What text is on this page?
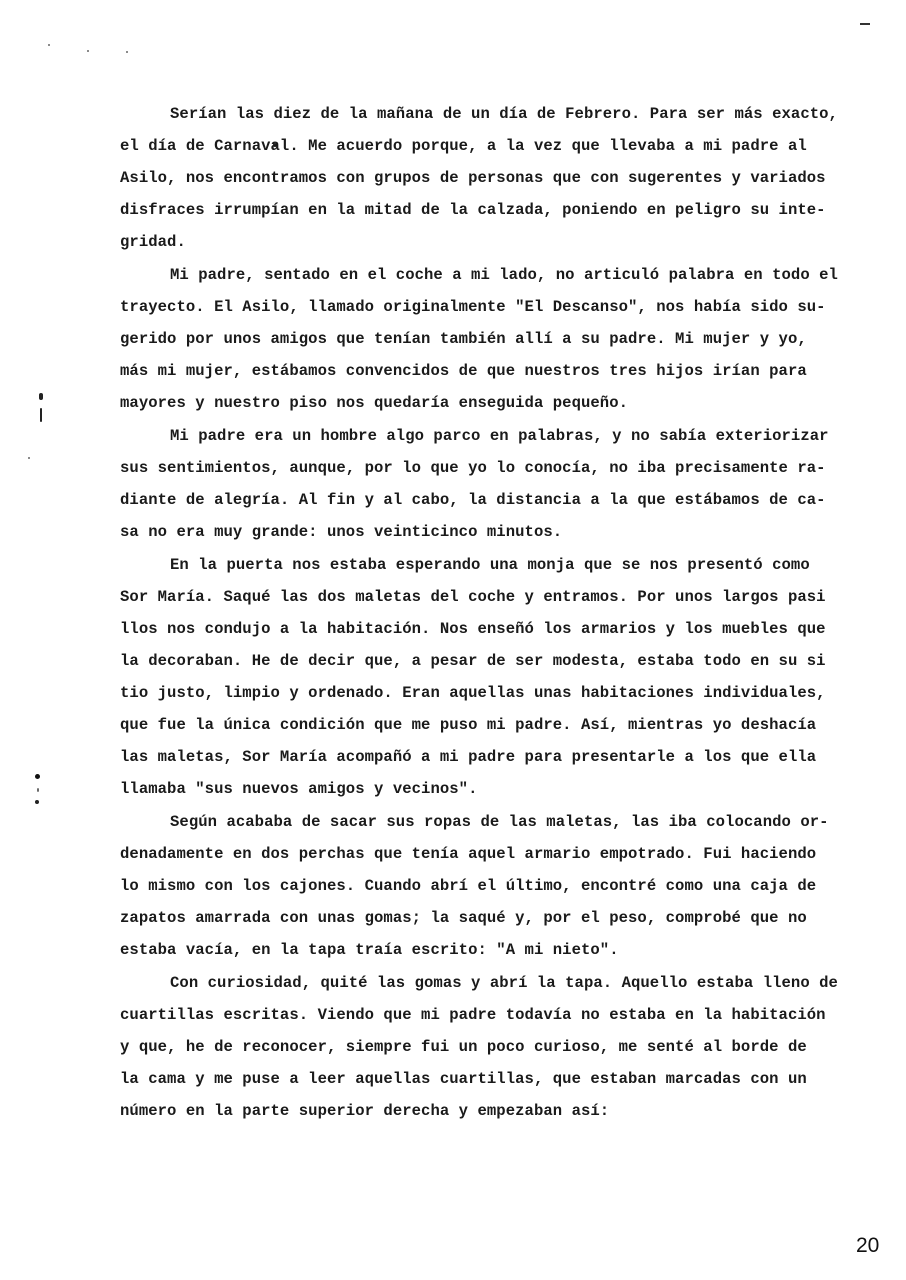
Serían las diez de la mañana de un día de Febrero. Para ser más exacto,
el día de Carnaval. Me acuerdo porque, a la vez que llevaba a mi padre al
Asilo, nos encontramos con grupos de personas que con sugerentes y variados
disfraces irrumpían en la mitad de la calzada, poniendo en peligro su inte-
gridad.
Mi padre, sentado en el coche a mi lado, no articuló palabra en todo el
trayecto. El Asilo, llamado originalmente "El Descanso", nos había sido su-
gerido por unos amigos que tenían también allí a su padre. Mi mujer y yo,
más mi mujer, estábamos convencidos de que nuestros tres hijos irían para
mayores y nuestro piso nos quedaría enseguida pequeño.
Mi padre era un hombre algo parco en palabras, y no sabía exteriorizar
sus sentimientos, aunque, por lo que yo lo conocía, no iba precisamente ra-
diante de alegría. Al fin y al cabo, la distancia a la que estábamos de ca-
sa no era muy grande: unos veinticinco minutos.
En la puerta nos estaba esperando una monja que se nos presentó como
Sor María. Saqué las dos maletas del coche y entramos. Por unos largos pasi
llos nos condujo a la habitación. Nos enseñó los armarios y los muebles que
la decoraban. He de decir que, a pesar de ser modesta, estaba todo en su si
tio justo, limpio y ordenado. Eran aquellas unas habitaciones individuales,
que fue la única condición que me puso mi padre. Así, mientras yo deshacía
las maletas, Sor María acompañó a mi padre para presentarle a los que ella
llamaba "sus nuevos amigos y vecinos".
Según acababa de sacar sus ropas de las maletas, las iba colocando or-
denadamente en dos perchas que tenía aquel armario empotrado. Fui haciendo
lo mismo con los cajones. Cuando abrí el último, encontré como una caja de
zapatos amarrada con unas gomas; la saqué y, por el peso, comprobé que no
estaba vacía, en la tapa traía escrito: "A mi nieto".
Con curiosidad, quité las gomas y abrí la tapa. Aquello estaba lleno de
cuartillas escritas. Viendo que mi padre todavía no estaba en la habitación
y que, he de reconocer, siempre fui un poco curioso, me senté al borde de
la cama y me puse a leer aquellas cuartillas, que estaban marcadas con un
número en la parte superior derecha y empezaban así:
20
